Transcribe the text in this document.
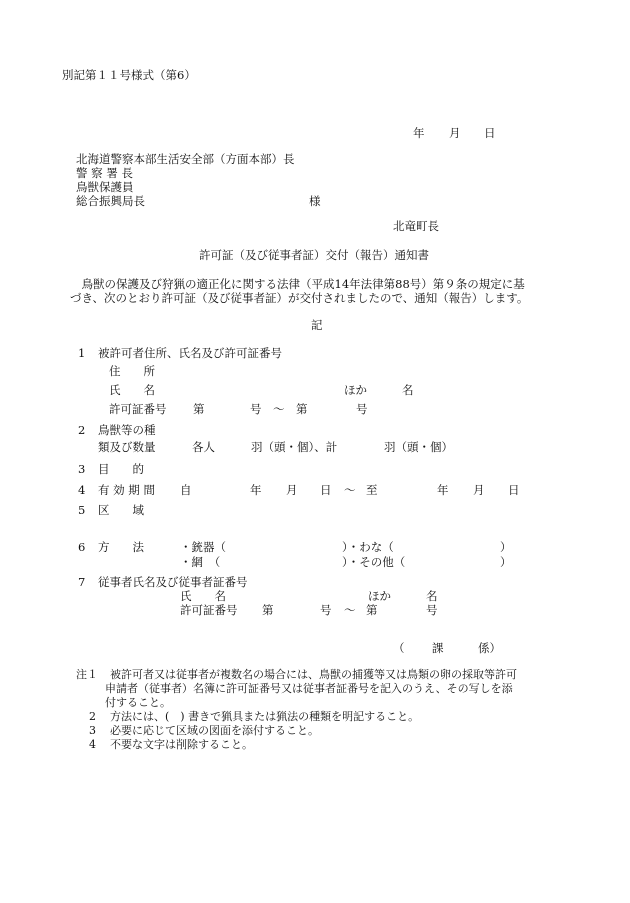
別記第１１号様式（第6）
年 月 日
北海道警察本部生活安全部（方面本部）長
警 察 署 長
鳥獣保護員
総合振興局長	様
北竜町長
許可証（及び従事者証）交付（報告）通知書
　鳥獣の保護及び狩猟の適正化に関する法律（平成14年法律第88号）第９条の規定に基
づき、次のとおり許可証（及び従事者証）が交付されましたので、通知（報告）します。
記
1 被許可者住所、氏名及び許可証番号
住　　所
氏　　名	ほか	名
許可証番号 第	号 ～ 第	号
2 鳥獣等の種
類及び数量	各人	羽（頭・個）、計	羽（頭・個）
3 目　　的
4 有 効 期 間 自	年 月 日 ～ 至	年 月 日
5 区　　域
6 方　　法	・銃器（	）・わな（	）
・網　（	）・その他（	）
7 従事者氏名及び従事者証番号
氏　　名	ほか	名
許可証番号 第	号 ～ 第	号
（ 課	係）
注１ 被許可者又は従事者が複数名の場合には、鳥獣の捕獲等又は鳥類の卵の採取等許可
申請者（従事者）名簿に許可証番号又は従事者証番号を記入のうえ、その写しを添
付すること。
2 方法には、(　) 書きで猟具または猟法の種類を明記すること。
3 必要に応じて区域の図面を添付すること。
4 不要な文字は削除すること。
